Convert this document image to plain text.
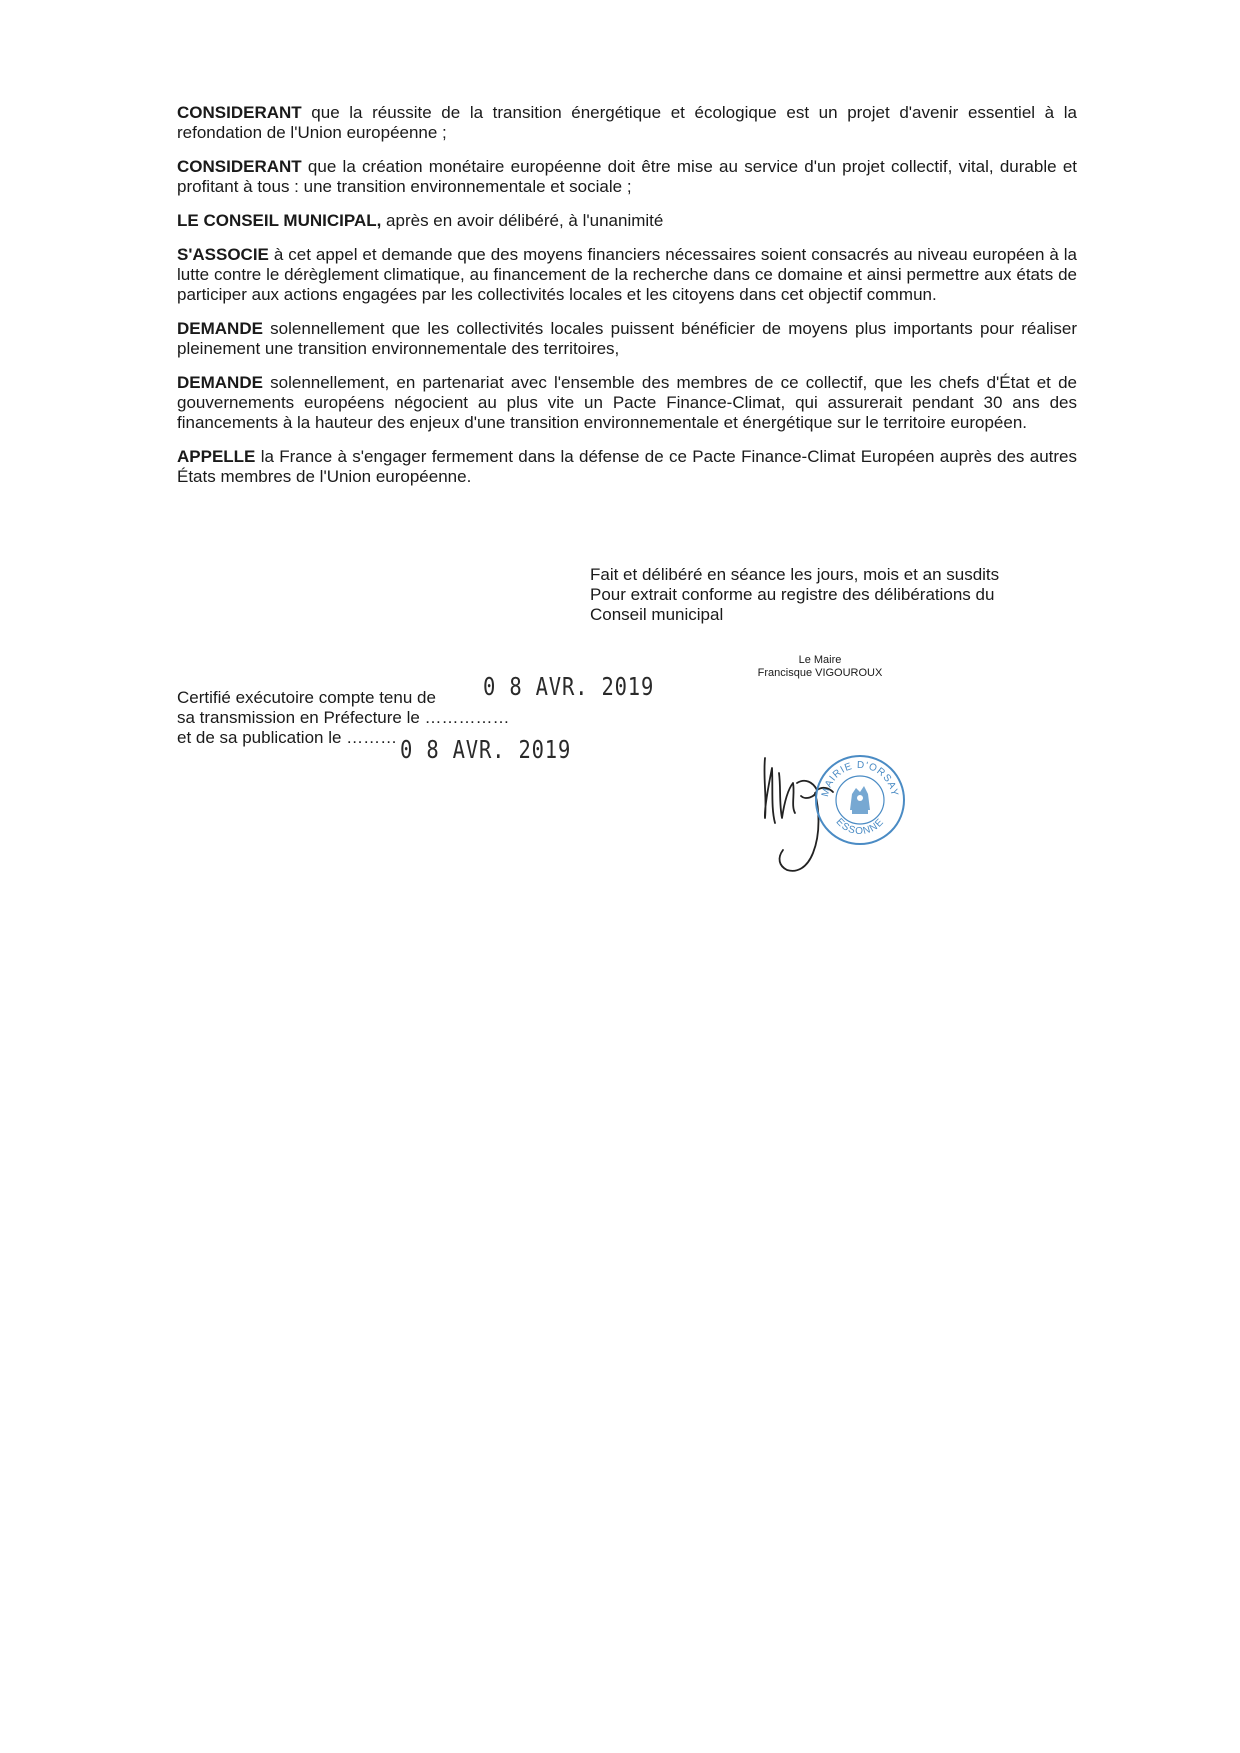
CONSIDERANT que la réussite de la transition énergétique et écologique est un projet d'avenir essentiel à la refondation de l'Union européenne ;

CONSIDERANT que la création monétaire européenne doit être mise au service d'un projet collectif, vital, durable et profitant à tous : une transition environnementale et sociale ;

LE CONSEIL MUNICIPAL, après en avoir délibéré, à l'unanimité

S'ASSOCIE à cet appel et demande que des moyens financiers nécessaires soient consacrés au niveau européen à la lutte contre le dérèglement climatique, au financement de la recherche dans ce domaine et ainsi permettre aux états de participer aux actions engagées par les collectivités locales et les citoyens dans cet objectif commun.

DEMANDE solennellement que les collectivités locales puissent bénéficier de moyens plus importants pour réaliser pleinement une transition environnementale des territoires,

DEMANDE solennellement, en partenariat avec l'ensemble des membres de ce collectif, que les chefs d'État et de gouvernements européens négocient au plus vite un Pacte Finance-Climat, qui assurerait pendant 30 ans des financements à la hauteur des enjeux d'une transition environnementale et énergétique sur le territoire européen.

APPELLE la France à s'engager fermement dans la défense de ce Pacte Finance-Climat Européen auprès des autres États membres de l'Union européenne.

Fait et délibéré en séance les jours, mois et an susdits
Pour extrait conforme au registre des délibérations du
Conseil municipal
Le Maire
Francisque VIGOUROUX
Certifié exécutoire compte tenu de
sa transmission en Préfecture le ……………
et de sa publication le ………
0 8 AVR. 2019
0 8 AVR. 2019
MAIRIE D'ORSAY
ESSONNE
